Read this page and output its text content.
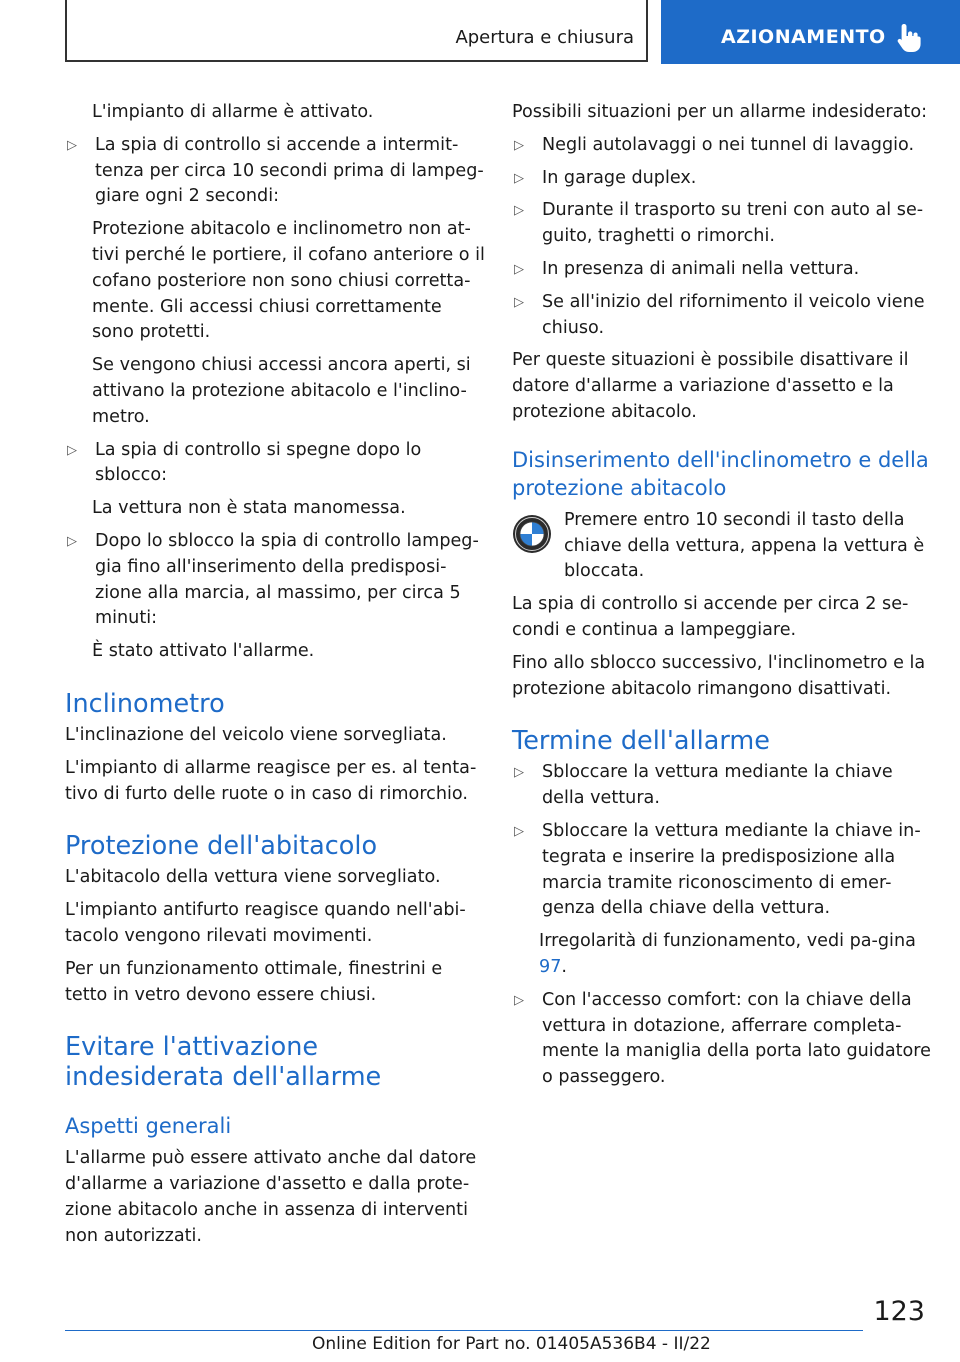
Apertura e chiusura	AZIONAMENTO

L'impianto di allarme è attivato.

▷ La spia di controllo si accende a intermit-tenza per circa 10 secondi prima di lampeg-giare ogni 2 secondi:

Protezione abitacolo e inclinometro non at-tivi perché le portiere, il cofano anteriore o il cofano posteriore non sono chiusi corretta-mente. Gli accessi chiusi correttamente sono protetti.

Se vengono chiusi accessi ancora aperti, si attivano la protezione abitacolo e l'inclino-metro.

▷ La spia di controllo si spegne dopo lo sblocco:

La vettura non è stata manomessa.

▷ Dopo lo sblocco la spia di controllo lampeg-gia fino all'inserimento della predisposi-zione alla marcia, al massimo, per circa 5 minuti:

È stato attivato l'allarme.

Inclinometro

L'inclinazione del veicolo viene sorvegliata.

L'impianto di allarme reagisce per es. al tenta-tivo di furto delle ruote o in caso di rimorchio.

Protezione dell'abitacolo

L'abitacolo della vettura viene sorvegliato.

L'impianto antifurto reagisce quando nell'abi-tacolo vengono rilevati movimenti.

Per un funzionamento ottimale, finestrini e tetto in vetro devono essere chiusi.

Evitare l'attivazione indesiderata dell'allarme
Aspetti generali

L'allarme può essere attivato anche dal datore d'allarme a variazione d'assetto e dalla prote-zione abitacolo anche in assenza di interventi non autorizzati.

Possibili situazioni per un allarme indesiderato:

▷ Negli autolavaggi o nei tunnel di lavaggio.
▷ In garage duplex.
▷ Durante il trasporto su treni con auto al se-guito, traghetti o rimorchi.
▷ In presenza di animali nella vettura.
▷ Se all'inizio del rifornimento il veicolo viene chiuso.

Per queste situazioni è possibile disattivare il datore d'allarme a variazione d'assetto e la protezione abitacolo.

Disinserimento dell'inclinometro e della protezione abitacolo
Premere entro 10 secondi il tasto della chiave della vettura, appena la vettura è bloccata.

La spia di controllo si accende per circa 2 se-condi e continua a lampeggiare.

Fino allo sblocco successivo, l'inclinometro e la protezione abitacolo rimangono disattivati.

Termine dell'allarme
▷ Sbloccare la vettura mediante la chiave della vettura.
▷ Sbloccare la vettura mediante la chiave in-tegrata e inserire la predisposizione alla marcia tramite riconoscimento di emer-genza della chiave della vettura.

Irregolarità di funzionamento, vedi pa-gina 97.

▷ Con l'accesso comfort: con la chiave della vettura in dotazione, afferrare completa-mente la maniglia della porta lato guidatore o passeggero.
123
Online Edition for Part no. 01405A536B4 - II/22
